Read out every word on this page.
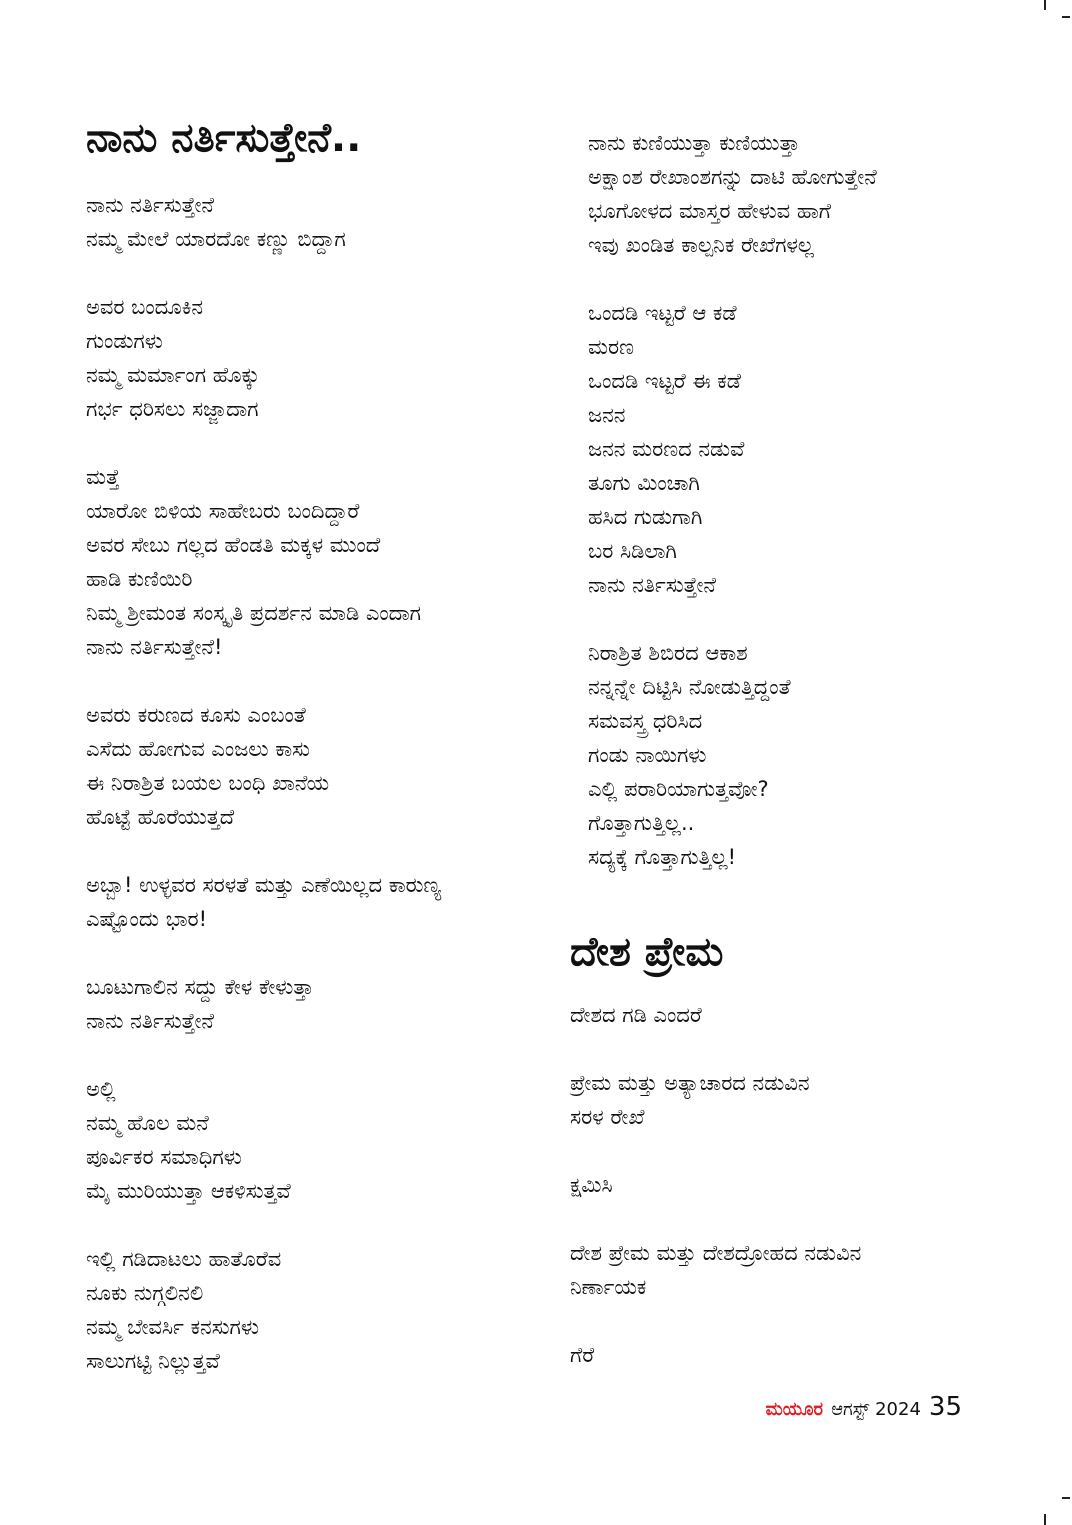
ನಾನು ನರ್ತಿಸುತ್ತೇನೆ..
ನಾನು ನರ್ತಿಸುತ್ತೇನೆ
ನಮ್ಮ ಮೇಲೆ ಯಾರದೋ ಕಣ್ಣು ಬಿದ್ದಾಗ
ಅವರ ಬಂದೂಕಿನ
ಗುಂಡುಗಳು
ನಮ್ಮ ಮರ್ಮಾಂಗ ಹೊಕ್ಕು
ಗರ್ಭ ಧರಿಸಲು ಸಜ್ಜಾದಾಗ
ಮತ್ತೆ
ಯಾರೋ ಬಿಳಿಯ ಸಾಹೇಬರು ಬಂದಿದ್ದಾರೆ
ಅವರ ಸೇಬು ಗಲ್ಲದ ಹೆಂಡತಿ ಮಕ್ಕಳ ಮುಂದೆ
ಹಾಡಿ ಕುಣಿಯಿರಿ
ನಿಮ್ಮ ಶ್ರೀಮಂತ ಸಂಸ್ಕೃತಿ ಪ್ರದರ್ಶನ ಮಾಡಿ ಎಂದಾಗ
ನಾನು ನರ್ತಿಸುತ್ತೇನೆ!
ಅವರು ಕರುಣದ ಕೂಸು ಎಂಬಂತೆ
ಎಸೆದು ಹೋಗುವ ಎಂಜಲು ಕಾಸು
ಈ ನಿರಾಶ್ರಿತ ಬಯಲ ಬಂಧಿ ಖಾನೆಯ
ಹೊಟ್ಟೆ ಹೊರೆಯುತ್ತದೆ
ಅಬ್ಬಾ! ಉಳ್ಳವರ ಸರಳತೆ ಮತ್ತು ಎಣೆಯಿಲ್ಲದ ಕಾರುಣ್ಯ
ಎಷ್ಟೊಂದು ಭಾರ!
ಬೂಟುಗಾಲಿನ ಸದ್ದು ಕೇಳ ಕೇಳುತ್ತಾ
ನಾನು ನರ್ತಿಸುತ್ತೇನೆ
ಅಲ್ಲಿ
ನಮ್ಮ ಹೊಲ ಮನೆ
ಪೂರ್ವಿಕರ ಸಮಾಧಿಗಳು
ಮೈ ಮುರಿಯುತ್ತಾ ಆಕಳಿಸುತ್ತವೆ
ಇಲ್ಲಿ ಗಡಿದಾಟಲು ಹಾತೊರೆವ
ನೂಕು ನುಗ್ಗಲಿನಲಿ
ನಮ್ಮ ಬೇವರ್ಸಿ ಕನಸುಗಳು
ಸಾಲುಗಟ್ಟಿ ನಿಲ್ಲುತ್ತವೆ
ನಾನು ಕುಣಿಯುತ್ತಾ ಕುಣಿಯುತ್ತಾ
ಅಕ್ಷಾಂಶ ರೇಖಾಂಶಗನ್ನು ದಾಟಿ ಹೋಗುತ್ತೇನೆ
ಭೂಗೋಳದ ಮಾಸ್ತರ ಹೇಳುವ ಹಾಗೆ
ಇವು ಖಂಡಿತ ಕಾಲ್ಪನಿಕ ರೇಖೆಗಳಲ್ಲ
ಒಂದಡಿ ಇಟ್ಟರೆ ಆ ಕಡೆ
ಮರಣ
ಒಂದಡಿ ಇಟ್ಟರೆ ಈ ಕಡೆ
ಜನನ
ಜನನ ಮರಣದ ನಡುವೆ
ತೂಗು ಮಿಂಚಾಗಿ
ಹಸಿದ ಗುಡುಗಾಗಿ
ಬರ ಸಿಡಿಲಾಗಿ
ನಾನು ನರ್ತಿಸುತ್ತೇನೆ
ನಿರಾಶ್ರಿತ ಶಿಬಿರದ ಆಕಾಶ
ನನ್ನನ್ನೇ ದಿಟ್ಟಿಸಿ ನೋಡುತ್ತಿದ್ದಂತೆ
ಸಮವಸ್ತ್ರ ಧರಿಸಿದ
ಗಂಡು ನಾಯಿಗಳು
ಎಲ್ಲಿ ಪರಾರಿಯಾಗುತ್ತವೋ?
ಗೊತ್ತಾಗುತ್ತಿಲ್ಲ..
ಸದ್ಯಕ್ಕೆ ಗೊತ್ತಾಗುತ್ತಿಲ್ಲ!
ದೇಶ ಪ್ರೇಮ
ದೇಶದ ಗಡಿ ಎಂದರೆ
ಪ್ರೇಮ ಮತ್ತು ಅತ್ಯಾಚಾರದ ನಡುವಿನ
ಸರಳ ರೇಖೆ
ಕ್ಷಮಿಸಿ
ದೇಶ ಪ್ರೇಮ ಮತ್ತು ದೇಶದ್ರೋಹದ ನಡುವಿನ
ನಿರ್ಣಾಯಕ
ಗೆರೆ
ಮಯೂರ ಆಗಸ್ಟ್ 2024 35
